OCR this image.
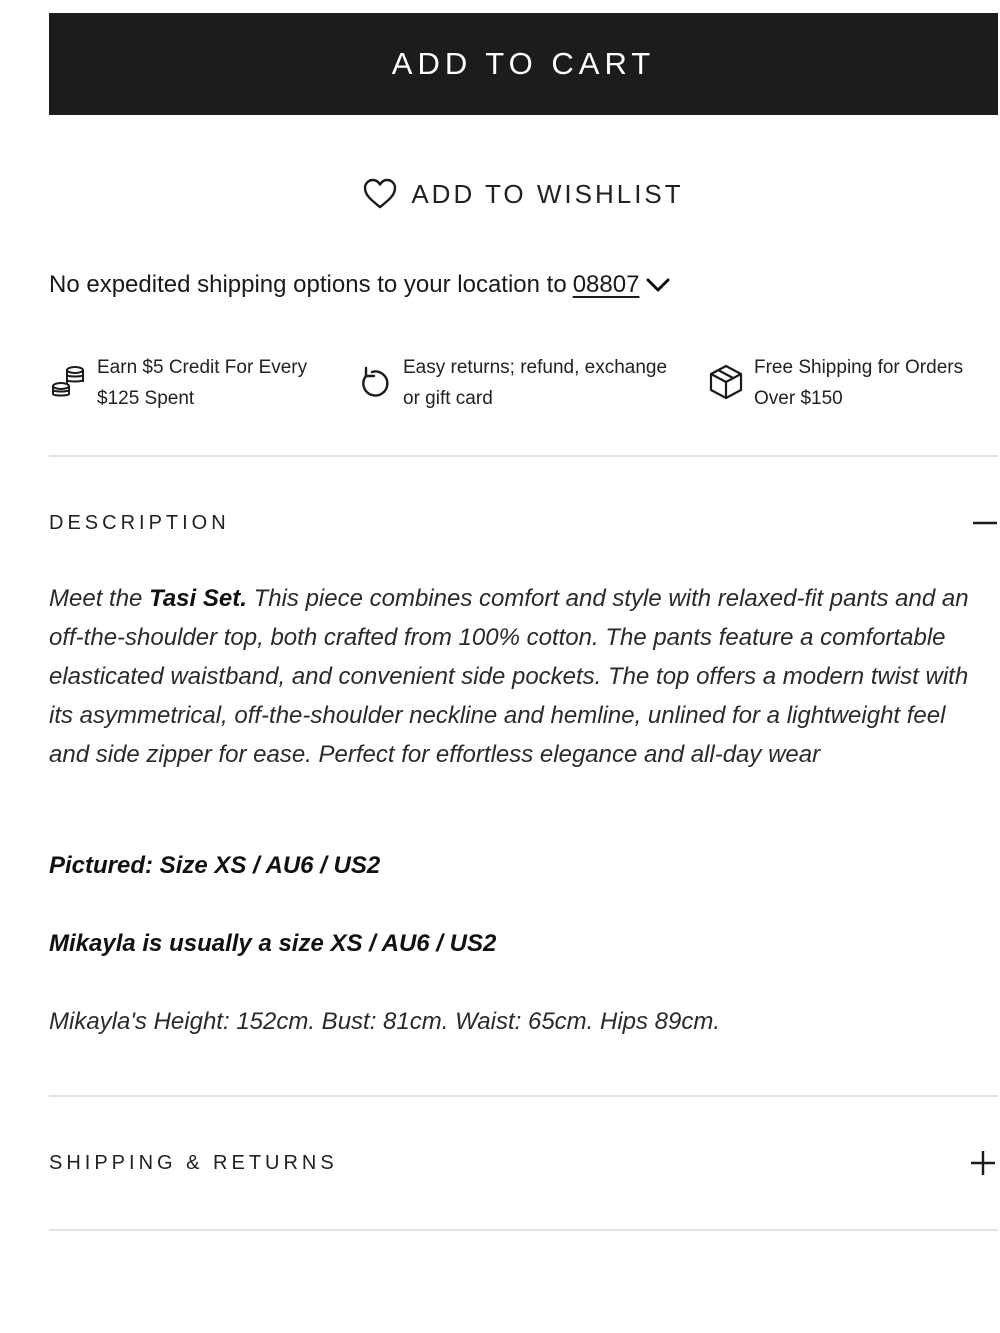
ADD TO CART
ADD TO WISHLIST
No expedited shipping options to your location to 08807
Earn $5 Credit For Every
$125 Spent
Easy returns; refund, exchange
or gift card
Free Shipping for Orders
Over $150
DESCRIPTION

Meet the Tasi Set. This piece combines comfort and style with relaxed-fit pants and an off-the-shoulder top, both crafted from 100% cotton. The pants feature a comfortable elasticated waistband, and convenient side pockets. The top offers a modern twist with its asymmetrical, off-the-shoulder neckline and hemline, unlined for a lightweight feel and side zipper for ease. Perfect for effortless elegance and all-day wear

Pictured: Size XS / AU6 / US2
Mikayla is usually a size XS / AU6 / US2
Mikayla's Height: 152cm. Bust: 81cm. Waist: 65cm. Hips 89cm.
SHIPPING & RETURNS
